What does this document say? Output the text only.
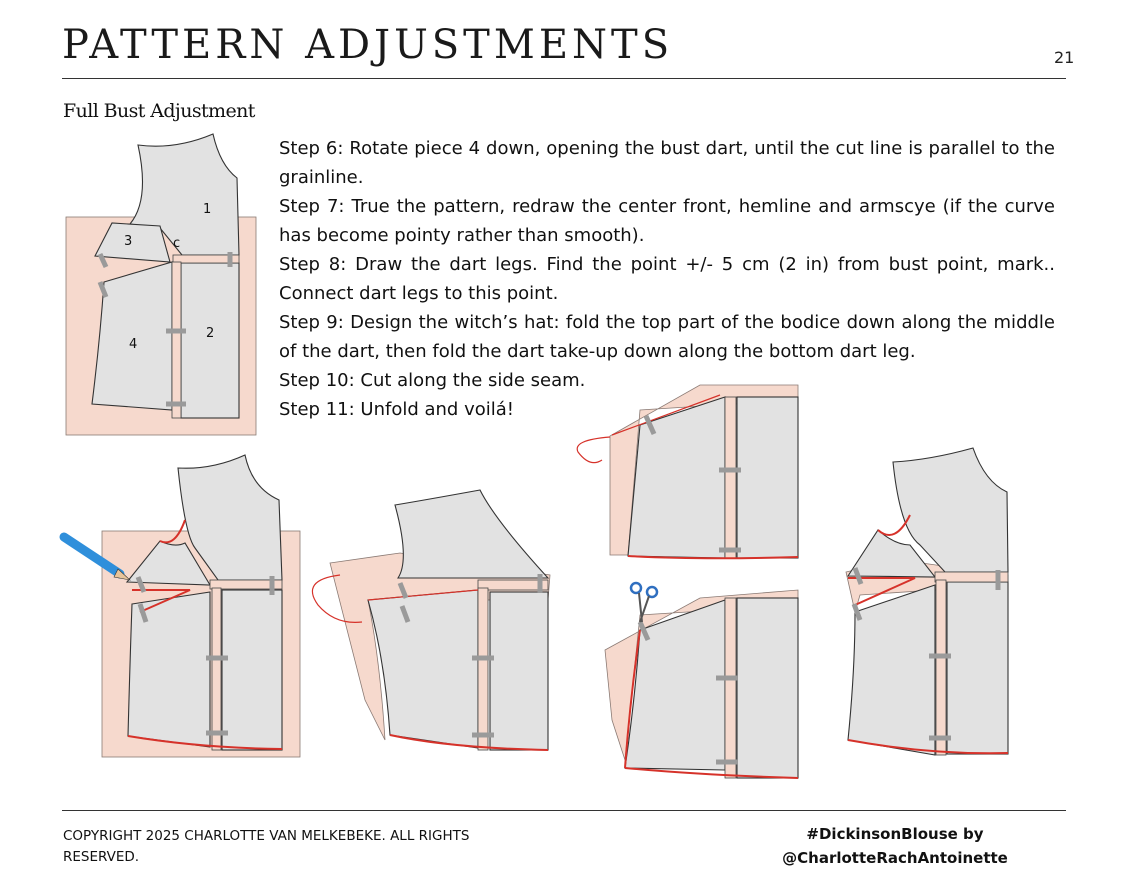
PATTERN ADJUSTMENTS	21
Full Bust Adjustment

Step 6: Rotate piece 4 down, opening the bust dart, until the cut line is parallel to the grainline.

Step 7: True the pattern, redraw the center front, hemline and armscye (if the curve has become pointy rather than smooth).

Step 8: Draw the dart legs. Find the point +/- 5 cm (2 in) from bust point, mark.. Connect dart legs to this point.

Step 9: Design the witch’s hat: fold the top part of the bodice down along the middle of the dart, then fold the dart take-up down along the bottom dart leg.

Step 10: Cut along the side seam.

Step 11: Unfold and voilá!

1
3	c
4
2
COPYRIGHT 2025 CHARLOTTE VAN MELKEBEKE. ALL RIGHTS
RESERVED.
#DickinsonBlouse by
@CharlotteRachAntoinette
